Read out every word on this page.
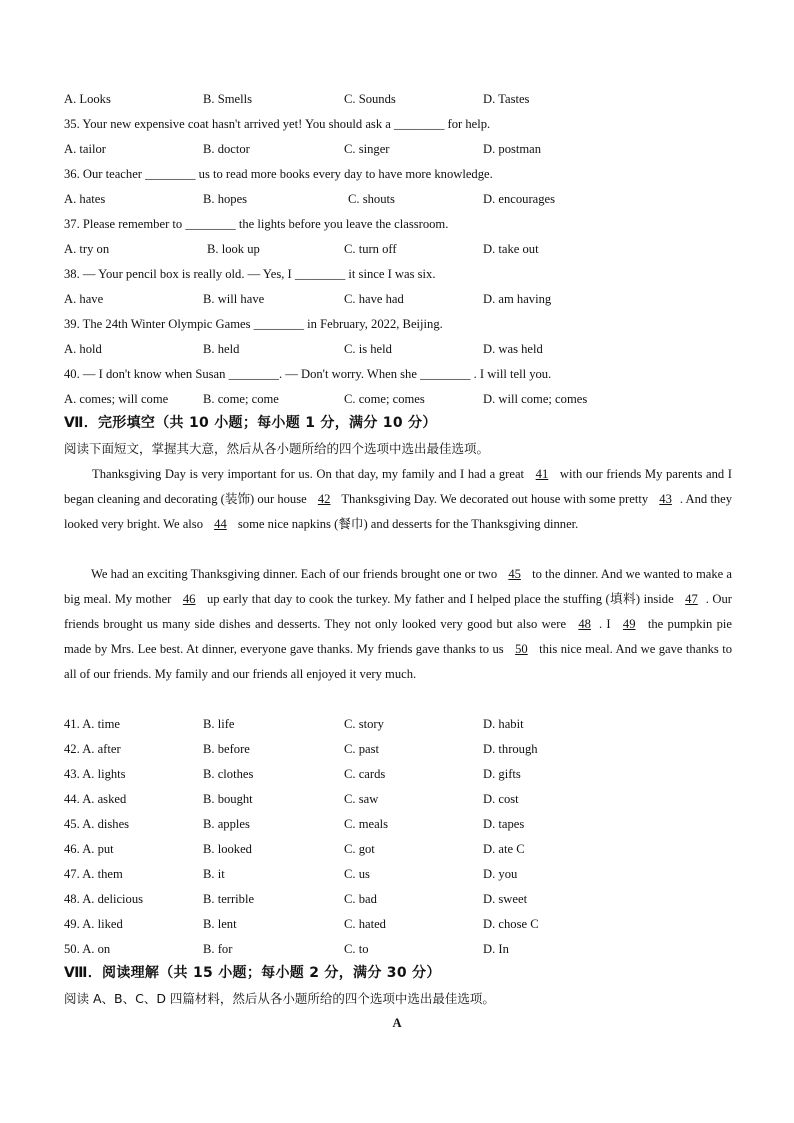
A. Looks	B. Smells	C. Sounds	D. Tastes
35. Your new expensive coat hasn't arrived yet! You should ask a ________ for help.
A. tailor	B. doctor	C. singer	D. postman
36. Our teacher ________ us to read more books every day to have more knowledge.
A. hates	B. hopes	C. shouts	D. encourages
37. Please remember to ________ the lights before you leave the classroom.
A. try on	B. look up	C. turn off	D. take out
38. — Your pencil box is really old. — Yes, I ________ it since I was six.
A. have	B. will have	C. have had	D. am having
39. The 24th Winter Olympic Games ________ in February, 2022, Beijing.
A. hold	B. held	C. is held	D. was held
40. — I don't know when Susan ________. — Don't worry. When she ________ . I will tell you.
A. comes; will come	B. come; come	C. come; comes	D. will come; comes
Ⅶ．完形填空（共 10 小题；每小题 1 分，满分 10 分）
阅读下面短文，掌握其大意，然后从各小题所给的四个选项中选出最佳选项。
Thanksgiving Day is very important for us. On that day, my family and I had a great 41 with our friends My parents and I began cleaning and decorating (装饰) our house 42 Thanksgiving Day. We decorated out house with some pretty 43 . And they looked very bright. We also 44 some nice napkins (餐巾) and desserts for the Thanksgiving dinner.
We had an exciting Thanksgiving dinner. Each of our friends brought one or two 45 to the dinner. And we wanted to make a big meal. My mother 46 up early that day to cook the turkey. My father and I helped place the stuffing (填料) inside 47 . Our friends brought us many side dishes and desserts. They not only looked very good but also were 48 . I 49 the pumpkin pie made by Mrs. Lee best. At dinner, everyone gave thanks. My friends gave thanks to us 50 this nice meal. And we gave thanks to all of our friends. My family and our friends all enjoyed it very much.
41. A. time	B. life	C. story	D. habit
42. A. after	B. before	C. past	D. through
43. A. lights	B. clothes	C. cards	D. gifts
44. A. asked	B. bought	C. saw	D. cost
45. A. dishes	B. apples	C. meals	D. tapes
46. A. put	B. looked	C. got	D. ate C
47. A. them	B. it	C. us	D. you
48. A. delicious	B. terrible	C. bad	D. sweet
49. A. liked	B. lent	C. hated	D. chose C
50. A. on	B. for	C. to	D. In
Ⅷ．阅读理解（共 15 小题；每小题 2 分，满分 30 分）
阅读 A、B、C、D 四篇材料，然后从各小题所给的四个选项中选出最佳选项。
A
